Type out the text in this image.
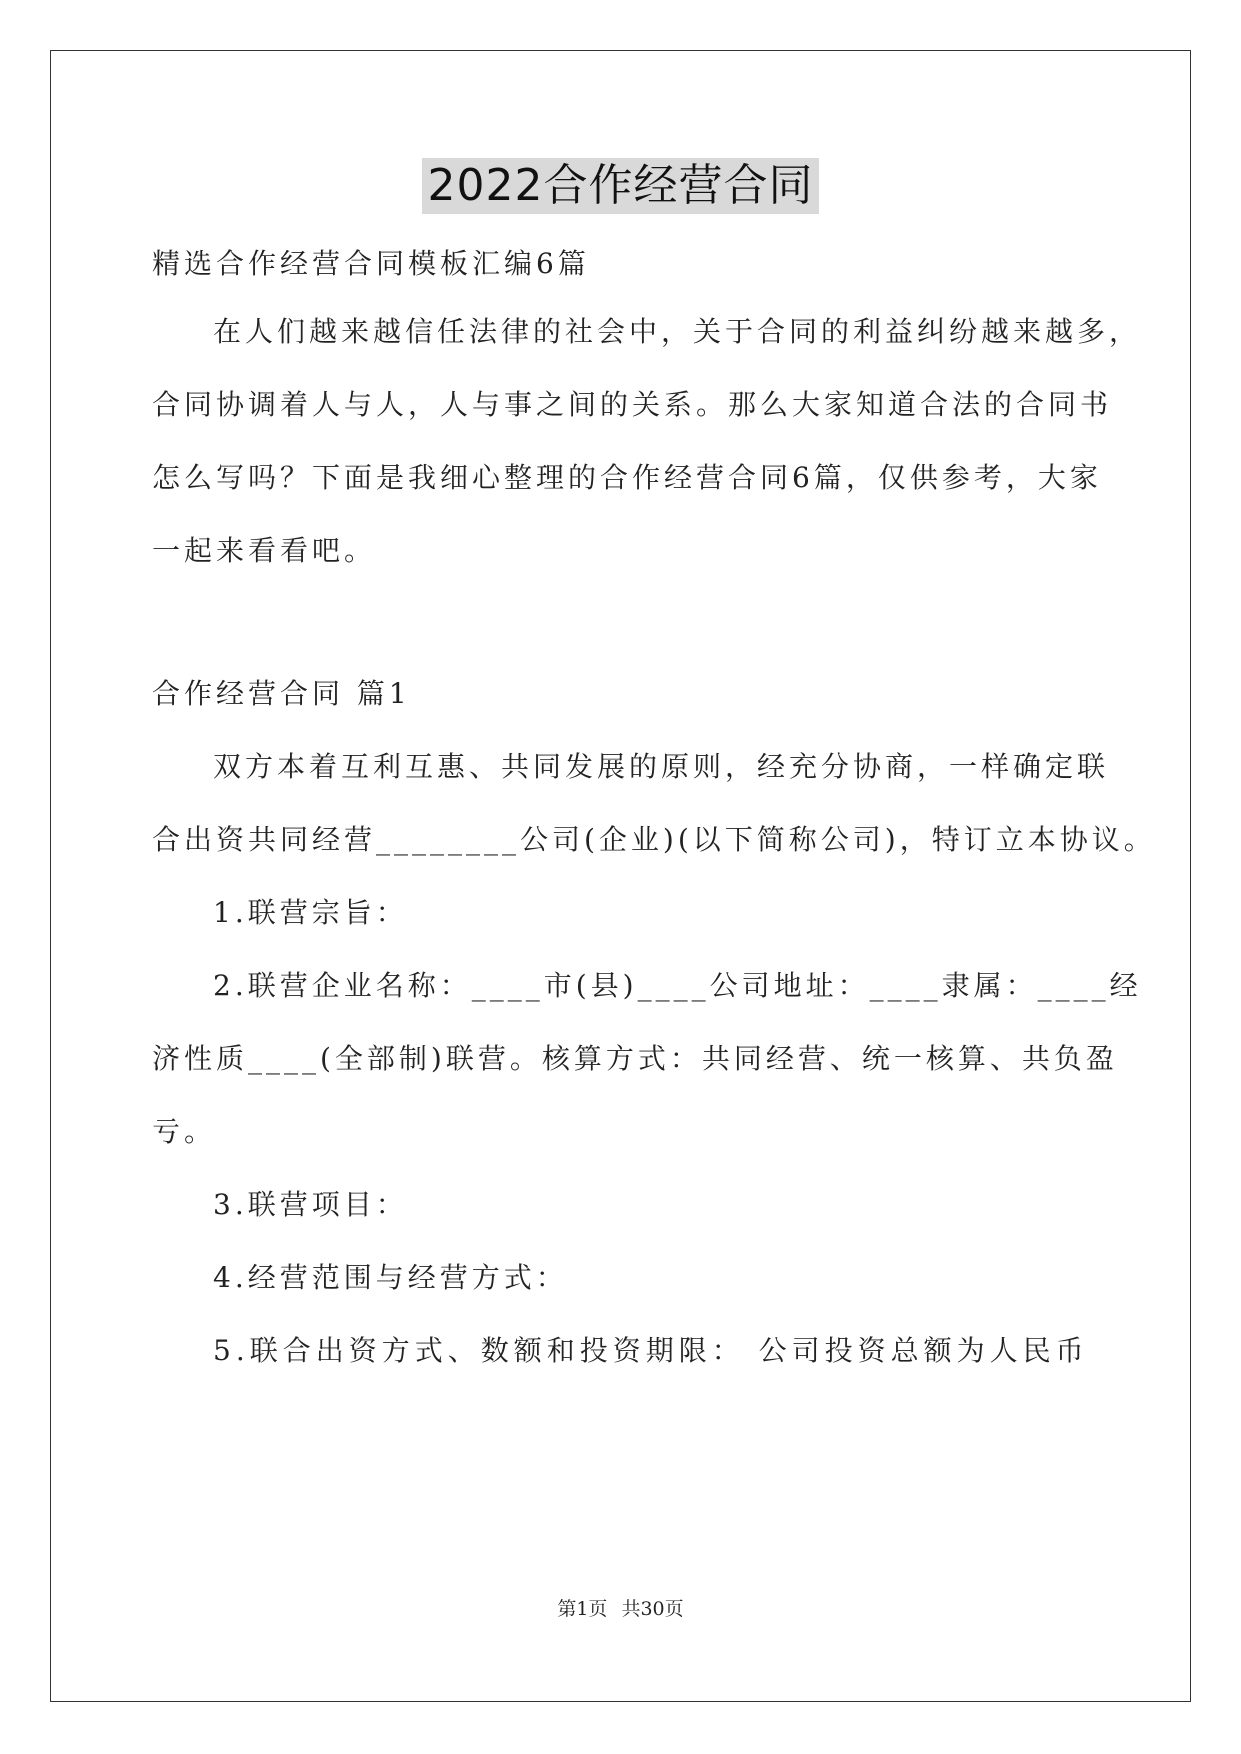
2022合作经营合同
精选合作经营合同模板汇编6篇
在人们越来越信任法律的社会中，关于合同的利益纠纷越来越多，
合同协调着人与人，人与事之间的关系。那么大家知道合法的合同书
怎么写吗？下面是我细心整理的合作经营合同6篇，仅供参考，大家
一起来看看吧。
合作经营合同 篇1
双方本着互利互惠、共同发展的原则，经充分协商，一样确定联
合出资共同经营________公司(企业)(以下简称公司)，特订立本协议。
1.联营宗旨：
2.联营企业名称：____市(县)____公司地址：____隶属：____经
济性质____(全部制)联营。核算方式：共同经营、统一核算、共负盈
亏。
3.联营项目：
4.经营范围与经营方式：
5.联合出资方式、数额和投资期限： 公司投资总额为人民币
第1页 共30页
